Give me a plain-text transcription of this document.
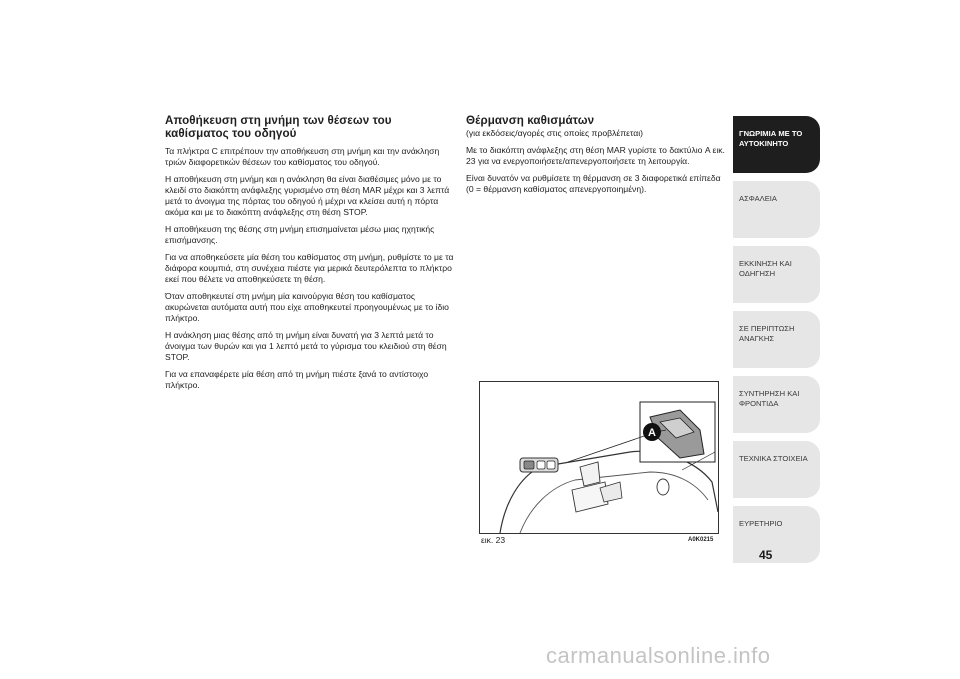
Αποθήκευση στη μνήμη των θέσεων του καθίσματος του οδηγού

Τα πλήκτρα C επιτρέπουν την αποθήκευση στη μνήμη και την ανάκληση τριών διαφορετικών θέσεων του καθίσματος του οδηγού.

Η αποθήκευση στη μνήμη και η ανάκληση θα είναι διαθέσιμες μόνο με το κλειδί στο διακόπτη ανάφλεξης γυρισμένο στη θέση MAR μέχρι και 3 λεπτά μετά το άνοιγμα της πόρτας του οδηγού ή μέχρι να κλείσει αυτή η πόρτα ακόμα και με το διακόπτη ανάφλεξης στη θέση STOP.

Η αποθήκευση της θέσης στη μνήμη επισημαίνεται μέσω μιας ηχητικής επισήμανσης.

Για να αποθηκεύσετε μία θέση του καθίσματος στη μνήμη, ρυθμίστε το με τα διάφορα κουμπιά, στη συνέχεια πιέστε για μερικά δευτερόλεπτα το πλήκτρο εκεί που θέλετε να αποθηκεύσετε τη θέση.

Όταν αποθηκευτεί στη μνήμη μία καινούργια θέση του καθίσματος ακυρώνεται αυτόματα αυτή που είχε αποθηκευτεί προηγουμένως με το ίδιο πλήκτρο.

Η ανάκληση μιας θέσης από τη μνήμη είναι δυνατή για 3 λεπτά μετά το άνοιγμα των θυρών και για 1 λεπτό μετά το γύρισμα του κλειδιού στη θέση STOP.

Για να επαναφέρετε μία θέση από τη μνήμη πιέστε ξανά το αντίστοιχο πλήκτρο.

Θέρμανση καθισμάτων
(για εκδόσεις/αγορές στις οποίες προβλέπεται)

Με το διακόπτη ανάφλεξης στη θέση MAR γυρίστε το δακτύλιο A εικ. 23 για να ενεργοποιήσετε/απενεργοποιήσετε τη λειτουργία.

Είναι δυνατόν να ρυθμίσετε τη θέρμανση σε 3 διαφορετικά επίπεδα (0 = θέρμανση καθίσματος απενεργοποιημένη).

A
εικ. 23	A0K0215
ΓΝΩΡΙΜΙΑ ΜΕ ΤΟ ΑΥΤΟΚΙΝΗΤΟ
ΑΣΦΑΛΕΙΑ
ΕΚΚΙΝΗΣΗ ΚΑΙ ΟΔΗΓΗΣΗ
ΣΕ ΠΕΡΙΠΤΩΣΗ ΑΝΑΓΚΗΣ
ΣΥΝΤΗΡΗΣΗ ΚΑΙ ΦΡΟΝΤΙΔΑ
ΤΕΧΝΙΚΑ ΣΤΟΙΧΕΙΑ
ΕΥΡΕΤΗΡΙΟ
45
carmanualsonline.info
